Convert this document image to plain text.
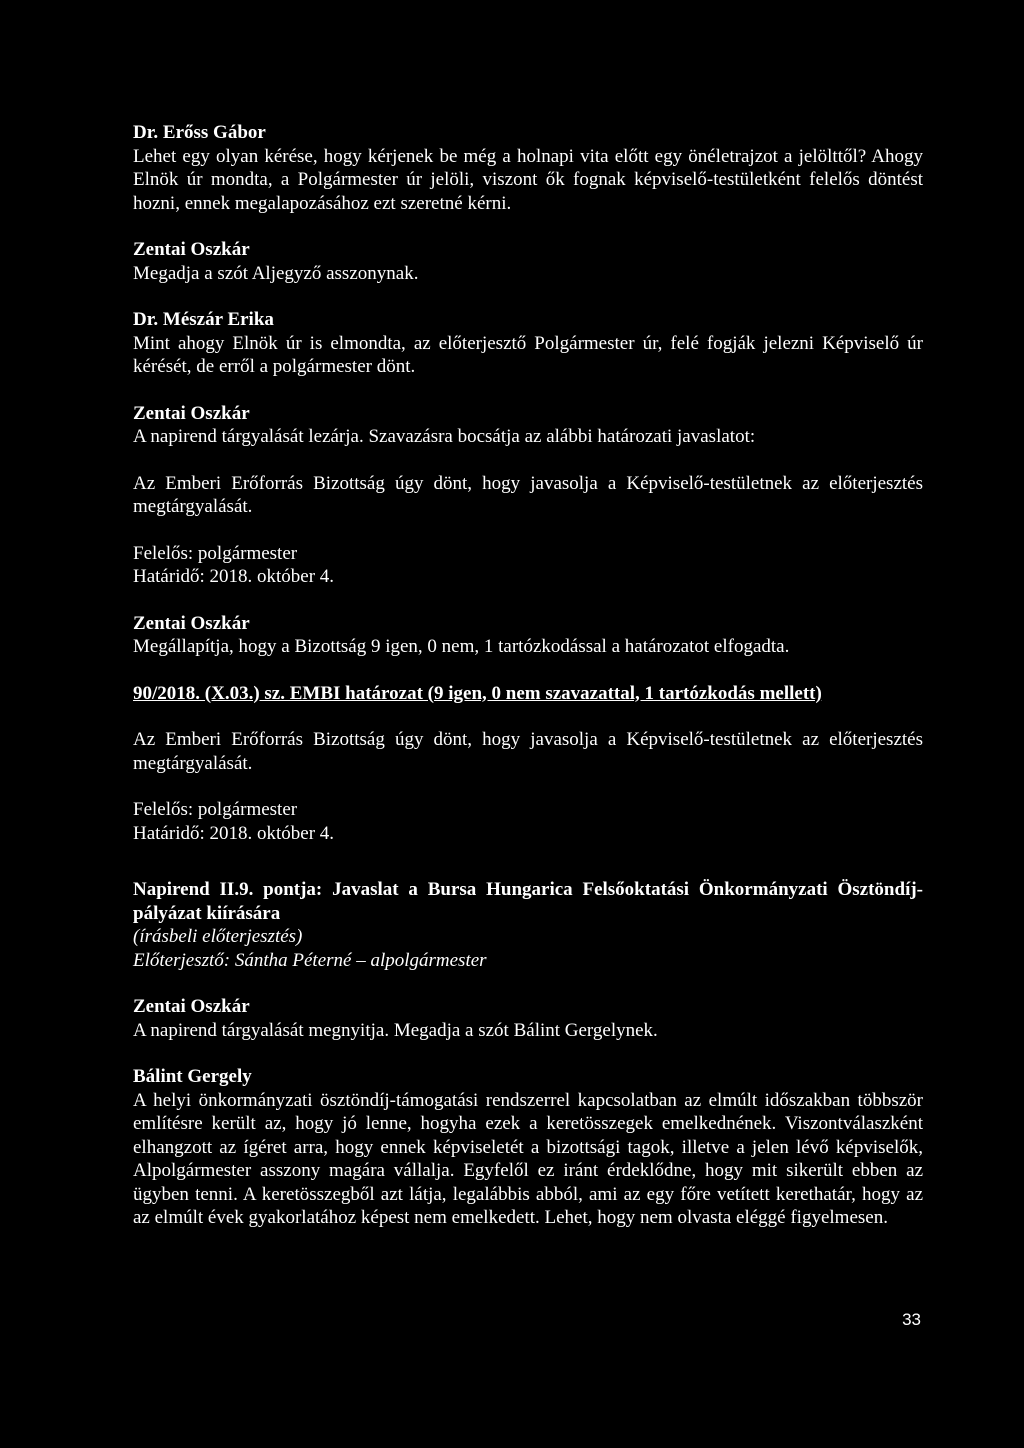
Dr. Erőss Gábor

Lehet egy olyan kérése, hogy kérjenek be még a holnapi vita előtt egy önéletrajzot a jelölttől? Ahogy Elnök úr mondta, a Polgármester úr jelöli, viszont ők fognak képviselő-testületként felelős döntést hozni, ennek megalapozásához ezt szeretné kérni.

Zentai Oszkár

Megadja a szót Aljegyző asszonynak.

Dr. Mészár Erika

Mint ahogy Elnök úr is elmondta, az előterjesztő Polgármester úr, felé fogják jelezni Képviselő úr kérését, de erről a polgármester dönt.

Zentai Oszkár

A napirend tárgyalását lezárja. Szavazásra bocsátja az alábbi határozati javaslatot:

Az Emberi Erőforrás Bizottság úgy dönt, hogy javasolja a Képviselő-testületnek az előterjesztés megtárgyalását.

Felelős: polgármester

Határidő: 2018. október 4.

Zentai Oszkár

Megállapítja, hogy a Bizottság 9 igen, 0 nem, 1 tartózkodással a határozatot elfogadta.

90/2018. (X.03.) sz. EMBI határozat (9 igen, 0 nem szavazattal, 1 tartózkodás mellett)

Az Emberi Erőforrás Bizottság úgy dönt, hogy javasolja a Képviselő-testületnek az előterjesztés megtárgyalását.

Felelős: polgármester

Határidő: 2018. október 4.

Napirend II.9. pontja: Javaslat a Bursa Hungarica Felsőoktatási Önkormányzati Ösztöndíj-pályázat kiírására

(írásbeli előterjesztés)

Előterjesztő: Sántha Péterné – alpolgármester

Zentai Oszkár

A napirend tárgyalását megnyitja. Megadja a szót Bálint Gergelynek.

Bálint Gergely

A helyi önkormányzati ösztöndíj-támogatási rendszerrel kapcsolatban az elmúlt időszakban többször említésre került az, hogy jó lenne, hogyha ezek a keretösszegek emelkednének. Viszontválaszként elhangzott az ígéret arra, hogy ennek képviseletét a bizottsági tagok, illetve a jelen lévő képviselők, Alpolgármester asszony magára vállalja. Egyfelől ez iránt érdeklődne, hogy mit sikerült ebben az ügyben tenni. A keretösszegből azt látja, legalábbis abból, ami az egy főre vetített kerethatár, hogy az az elmúlt évek gyakorlatához képest nem emelkedett. Lehet, hogy nem olvasta eléggé figyelmesen.

33
